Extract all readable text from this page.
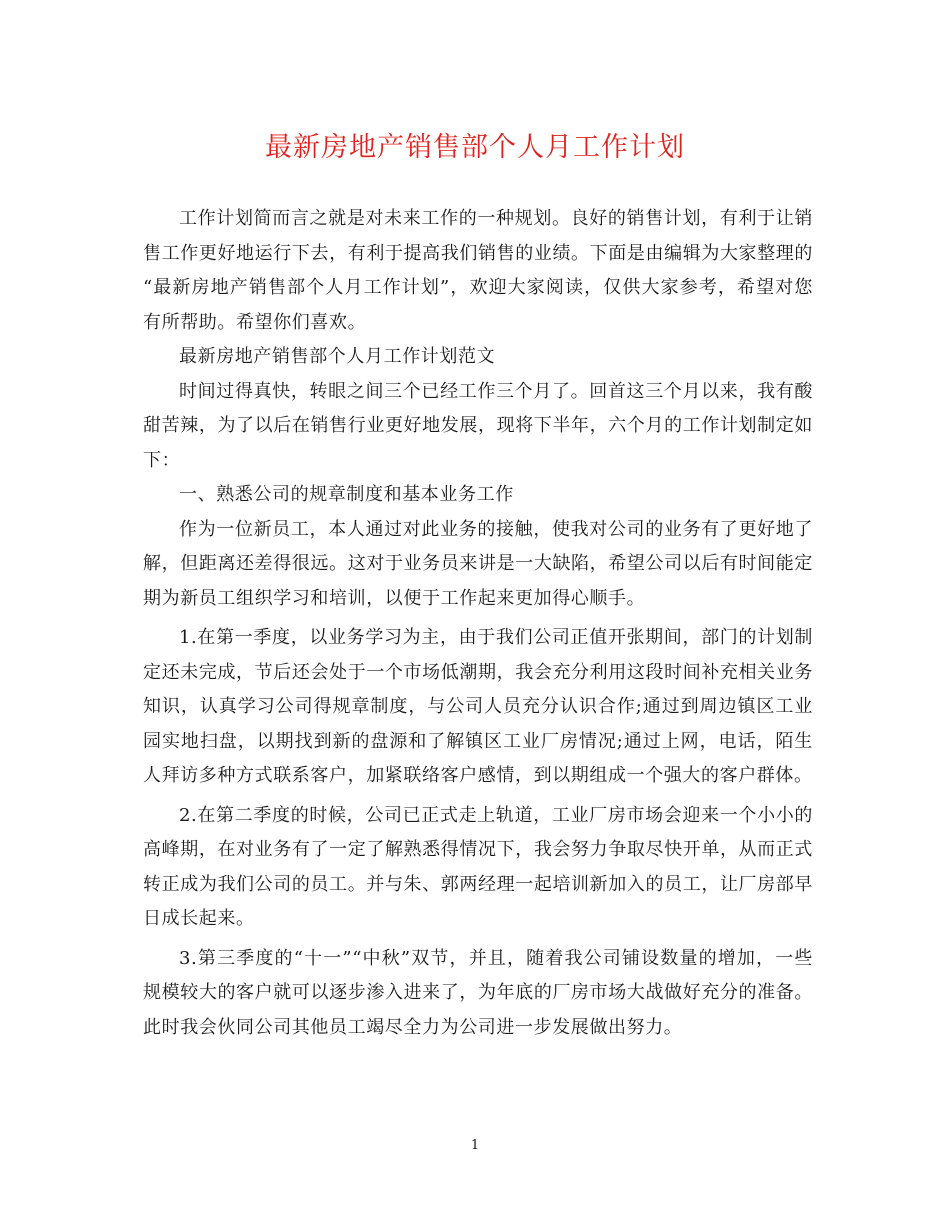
最新房地产销售部个人月工作计划

工作计划简而言之就是对未来工作的一种规划。良好的销售计划，有利于让销售工作更好地运行下去，有利于提高我们销售的业绩。下面是由编辑为大家整理的“最新房地产销售部个人月工作计划”，欢迎大家阅读，仅供大家参考，希望对您有所帮助。希望你们喜欢。

最新房地产销售部个人月工作计划范文

时间过得真快，转眼之间三个已经工作三个月了。回首这三个月以来，我有酸甜苦辣，为了以后在销售行业更好地发展，现将下半年，六个月的工作计划制定如下：

一、熟悉公司的规章制度和基本业务工作

作为一位新员工，本人通过对此业务的接触，使我对公司的业务有了更好地了解，但距离还差得很远。这对于业务员来讲是一大缺陷，希望公司以后有时间能定期为新员工组织学习和培训，以便于工作起来更加得心顺手。

1.在第一季度，以业务学习为主，由于我们公司正值开张期间，部门的计划制定还未完成，节后还会处于一个市场低潮期，我会充分利用这段时间补充相关业务知识，认真学习公司得规章制度，与公司人员充分认识合作;通过到周边镇区工业园实地扫盘，以期找到新的盘源和了解镇区工业厂房情况;通过上网，电话，陌生人拜访多种方式联系客户，加紧联络客户感情，到以期组成一个强大的客户群体。

2.在第二季度的时候，公司已正式走上轨道，工业厂房市场会迎来一个小小的高峰期，在对业务有了一定了解熟悉得情况下，我会努力争取尽快开单，从而正式转正成为我们公司的员工。并与朱、郭两经理一起培训新加入的员工，让厂房部早日成长起来。

3.第三季度的“十一”“中秋”双节，并且，随着我公司铺设数量的增加，一些规模较大的客户就可以逐步渗入进来了，为年底的厂房市场大战做好充分的准备。此时我会伙同公司其他员工竭尽全力为公司进一步发展做出努力。

1
